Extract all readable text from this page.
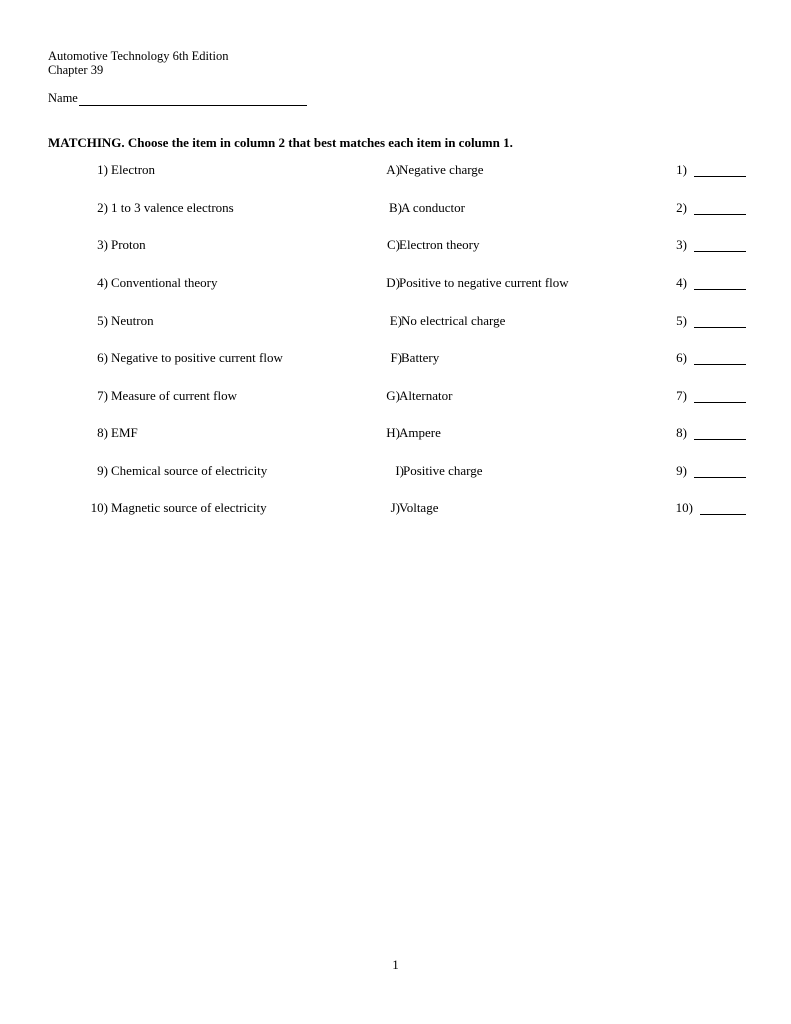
Automotive Technology 6th Edition
Chapter 39
Name
MATCHING. Choose the item in column 2 that best matches each item in column 1.
1) Electron	A) Negative charge	1)
2) 1 to 3 valence electrons	B) A conductor	2)
3) Proton	C) Electron theory	3)
4) Conventional theory	D) Positive to negative current flow	4)
5) Neutron	E) No electrical charge	5)
6) Negative to positive current flow	F) Battery	6)
7) Measure of current flow	G) Alternator	7)
8) EMF	H) Ampere	8)
9) Chemical source of electricity	I) Positive charge	9)
10) Magnetic source of electricity	J) Voltage	10)
1
